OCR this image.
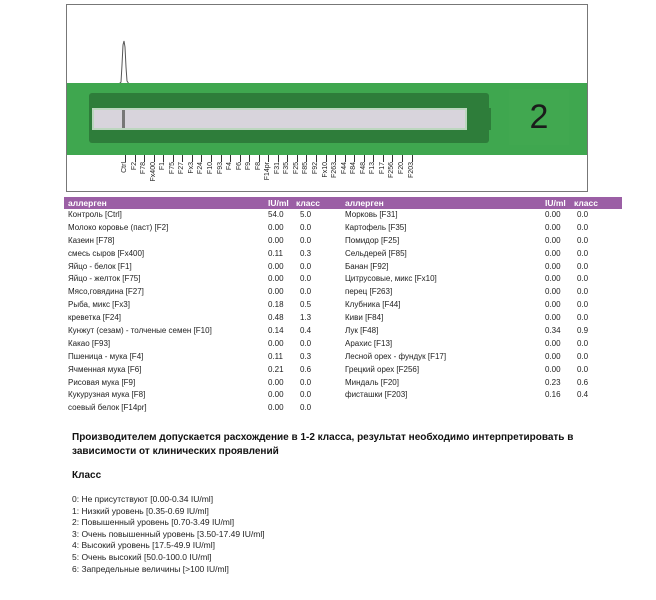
2
Ctrl F2 F78 Fx400 F1 F75 F27 Fx3 F24 F10 F93 F4 F6 F9 F8 F14pr F31 F35 F25 F85 F92 Fx10 F263 F44 F84 F48 F13 F17 F256 F20 F203
аллерген	IU/ml класс	аллерген	IU/ml класс
Контроль [Ctrl]	54.0 5.0	Морковь [F31]	0.00 0.0
Молоко коровье (паст) [F2]	0.00 0.0	Картофель [F35]	0.00 0.0
Казеин [F78]	0.00 0.0	Помидор [F25]	0.00 0.0
смесь сыров [Fx400]	0.11 0.3	Сельдерей [F85]	0.00 0.0
Яйцо - белок [F1]	0.00 0.0	Банан [F92]	0.00 0.0
Яйцо - желток [F75]	0.00 0.0	Цитрусовые, микс [Fx10]	0.00 0.0
Мясо,говядина [F27]	0.00 0.0	перец [F263]	0.00 0.0
Рыба, микс [Fx3]	0.18 0.5	Клубника [F44]	0.00 0.0
креветка [F24]	0.48 1.3	Киви [F84]	0.00 0.0
Кунжут (сезам) - толченые семен [F10]	0.14 0.4	Лук [F48]	0.34 0.9
Какао [F93]	0.00 0.0	Арахис [F13]	0.00 0.0
Пшеница - мука [F4]	0.11 0.3	Лесной орех - фундук [F17]	0.00 0.0
Ячменная мука [F6]	0.21 0.6	Грецкий орех [F256]	0.00 0.0
Рисовая мука [F9]	0.00 0.0	Миндаль [F20]	0.23 0.6
Кукурузная мука [F8]	0.00 0.0	фисташки [F203]	0.16 0.4
соевый белок [F14pr]	0.00 0.0
Производителем допускается расхождение в 1-2 класса, результат необходимо интерпретировать в зависимости от клинических проявлений
Класс
0: Не присутствуют [0.00-0.34 IU/ml]
1: Низкий уровень [0.35-0.69 IU/ml]
2: Повышенный уровень [0.70-3.49 IU/ml]
3: Очень повышенный уровень [3.50-17.49 IU/ml]
4: Высокий уровень [17.5-49.9 IU/ml]
5: Очень высокий [50.0-100.0 IU/ml]
6: Запредельные величины [>100 IU/ml]
